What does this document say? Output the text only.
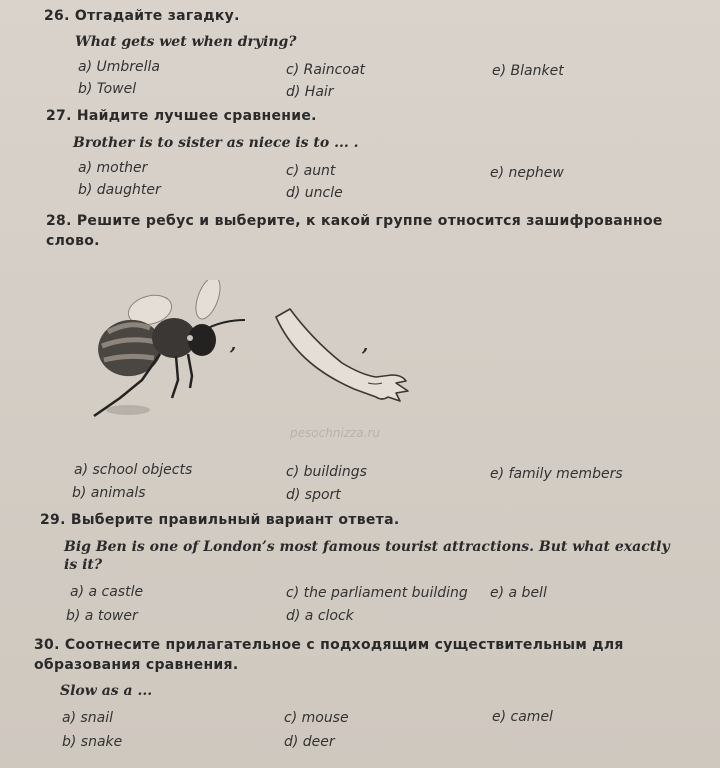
26. Отгадайте загадку.
What gets wet when drying?
a) Umbrella
b) Towel
c) Raincoat
d) Hair
e) Blanket
27. Найдите лучшее сравнение.
Brother is to sister as niece is to ... .
a) mother
b) daughter
c) aunt
d) uncle
e) nephew
28. Решите ребус и выберите, к какой группе относится зашифрованное слово.
,	,
pesochnizza.ru
a) school objects
b) animals
c) buildings
d) sport
e) family members
29. Выберите правильный вариант ответа.
Big Ben is one of London’s most famous tourist attractions. But what exactly is it?
a) a castle
b) a tower
c) the parliament building
d) a clock
e) a bell
30. Соотнесите прилагательное с подходящим существительным для образования сравнения.
Slow as a ...
a) snail
b) snake
c) mouse
d) deer
e) camel
